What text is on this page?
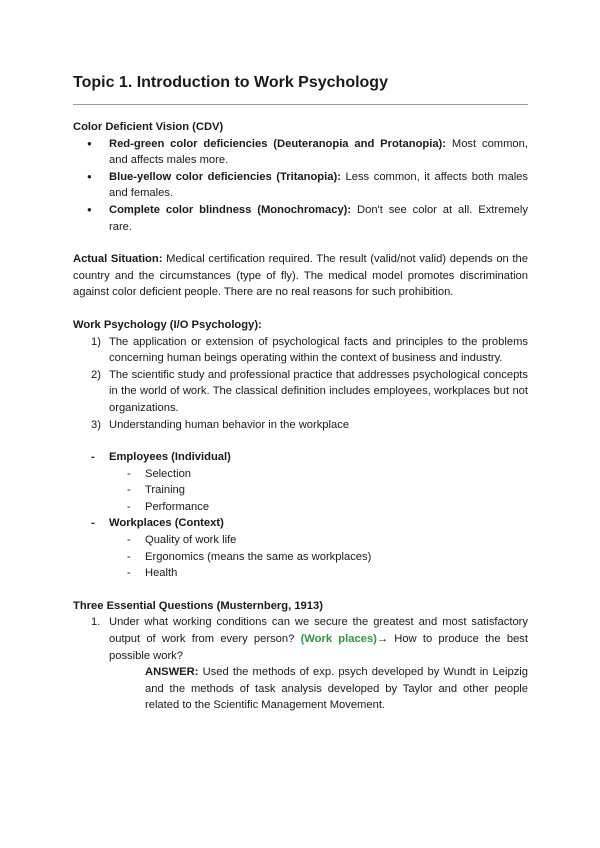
Topic 1. Introduction to Work Psychology
Color Deficient Vision (CDV)
● Red-green color deficiencies (Deuteranopia and Protanopia): Most common, and affects males more.
● Blue-yellow color deficiencies (Tritanopia): Less common, it affects both males and females.
● Complete color blindness (Monochromacy): Don't see color at all. Extremely rare.

Actual Situation: Medical certification required. The result (valid/not valid) depends on the country and the circumstances (type of fly). The medical model promotes discrimination against color deficient people. There are no real reasons for such prohibition.

Work Psychology (I/O Psychology):
1) The application or extension of psychological facts and principles to the problems concerning human beings operating within the context of business and industry.
2) The scientific study and professional practice that addresses psychological concepts in the world of work. The classical definition includes employees, workplaces but not organizations.
3) Understanding human behavior in the workplace
- Employees (Individual)
- Selection
- Training
- Performance
- Workplaces (Context)
- Quality of work life
- Ergonomics (means the same as workplaces)
- Health
Three Essential Questions (Musternberg, 1913)
1. Under what working conditions can we secure the greatest and most satisfactory output of work from every person? (Work places)→ How to produce the best possible work?
ANSWER: Used the methods of exp. psych developed by Wundt in Leipzig and the methods of task analysis developed by Taylor and other people related to the Scientific Management Movement.
